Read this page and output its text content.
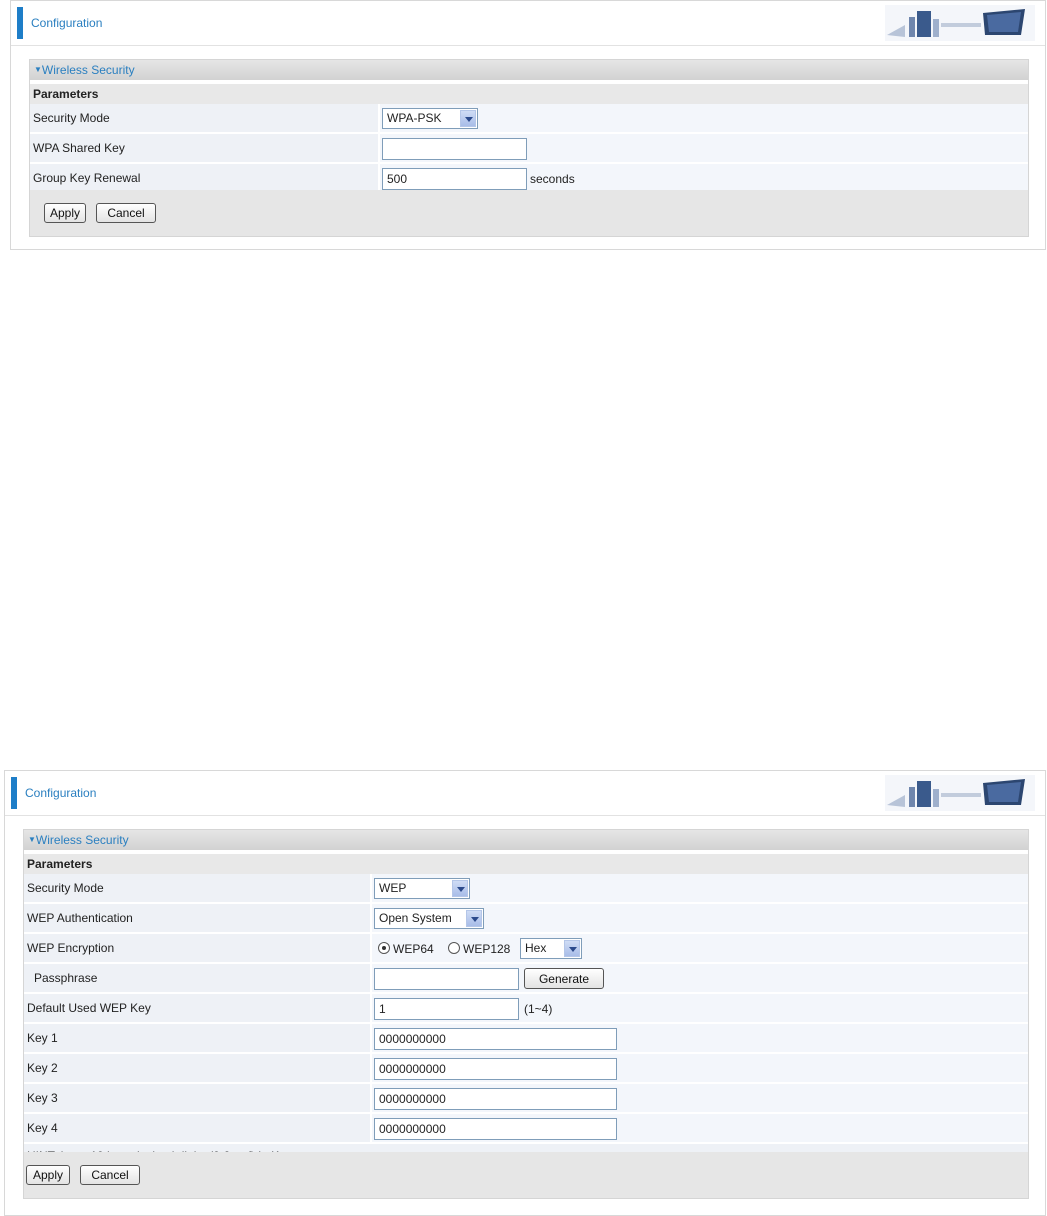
Configuration
▼Wireless Security
Parameters
Security Mode	WPA-PSK
WPA Shared Key
Group Key Renewal	500	seconds
Apply	Cancel
Configuration
▼Wireless Security
Parameters
Security Mode	WEP
WEP Authentication	Open System
WEP Encryption	WEP64 WEP128	Hex
Passphrase	Generate
Default Used WEP Key	1	(1~4)
Key 1	0000000000
Key 2	0000000000
Key 3	0000000000
Key 4	0000000000
Apply	Cancel
